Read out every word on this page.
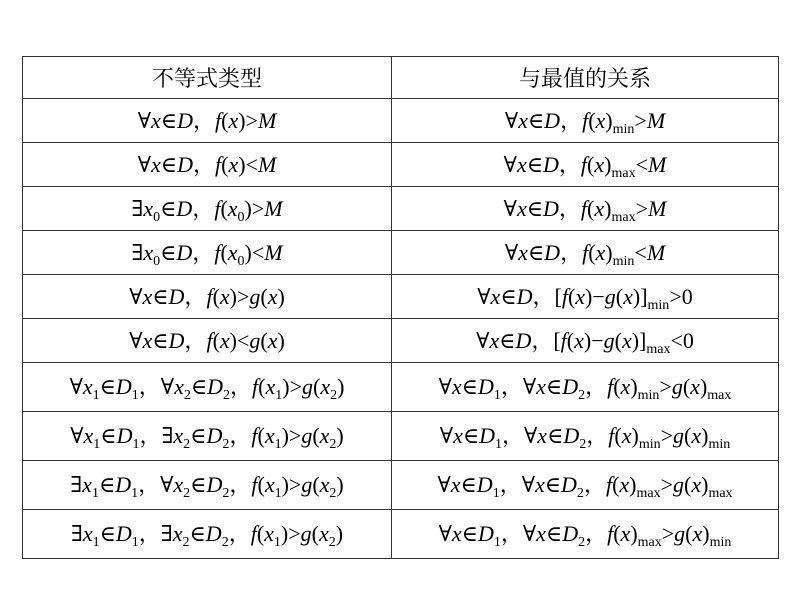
不等式类型	与最值的关系
∀x∈D，f(x)>M	∀x∈D，$f(x)_{min}>M$
∀x∈D，f(x)<M	∀x∈D，$f(x)_{max}<M$
$\exists x_0\in D$，$f(x_0)>M$	∀x∈D，$f(x)_{max}>M$
$\exists x_0\in D$，$f(x_0)<M$	∀x∈D，$f(x)_{min}<M$
∀x∈D，f(x)>g(x)	∀x∈D，$[f(x)-g(x)]_{min}>0$
∀x∈D，f(x)<g(x)	∀x∈D，$[f(x)-g(x)]_{max}<0$
$\forall x_1\in D_1$，$\forall x_2\in D_2$，$f(x_1)>g(x_2)$	$\forall x\in D_1$，$\forall x\in D_2$，$f(x)_{min}>g(x)_{max}$
$\forall x_1\in D_1$，$\exists x_2\in D_2$，$f(x_1)>g(x_2)$	$\forall x\in D_1$，$\forall x\in D_2$，$f(x)_{min}>g(x)_{min}$
$\exists x_1\in D_1$，$\forall x_2\in D_2$，$f(x_1)>g(x_2)$	$\forall x\in D_1$，$\forall x\in D_2$，$f(x)_{max}>g(x)_{max}$
$\exists x_1\in D_1$，$\exists x_2\in D_2$，$f(x_1)>g(x_2)$	$\forall x\in D_1$，$\forall x\in D_2$，$f(x)_{max}>g(x)_{min}$
